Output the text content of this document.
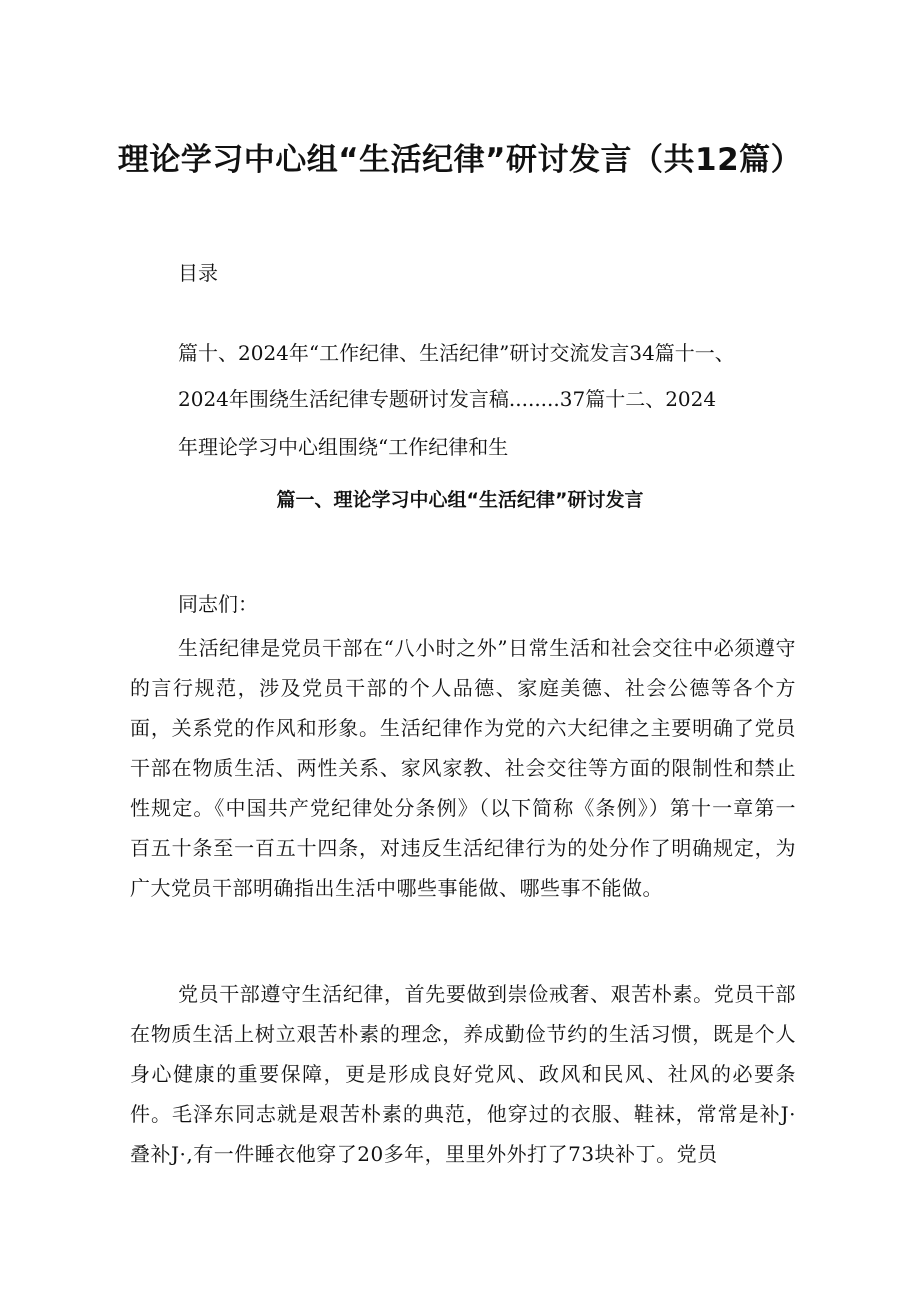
理论学习中心组“生活纪律”研讨发言（共12篇）
目录
篇十、2024年“工作纪律、生活纪律”研讨交流发言34篇十一、
2024年围绕生活纪律专题研讨发言稿........37篇十二、2024
年理论学习中心组围绕“工作纪律和生
篇一、理论学习中心组“生活纪律”研讨发言
同志们：
生活纪律是党员干部在“八小时之外”日常生活和社会交往中必须遵守的言行规范，涉及党员干部的个人品德、家庭美德、社会公德等各个方面，关系党的作风和形象。生活纪律作为党的六大纪律之主要明确了党员干部在物质生活、两性关系、家风家教、社会交往等方面的限制性和禁止性规定。《中国共产党纪律处分条例》（以下简称《条例》）第十一章第一百五十条至一百五十四条，对违反生活纪律行为的处分作了明确规定，为广大党员干部明确指出生活中哪些事能做、哪些事不能做。
党员干部遵守生活纪律，首先要做到崇俭戒奢、艰苦朴素。党员干部在物质生活上树立艰苦朴素的理念，养成勤俭节约的生活习惯，既是个人身心健康的重要保障，更是形成良好党风、政风和民风、社风的必要条件。毛泽东同志就是艰苦朴素的典范，他穿过的衣服、鞋袜，常常是补J·叠补J·,有一件睡衣他穿了20多年，里里外外打了73块补丁。党员
